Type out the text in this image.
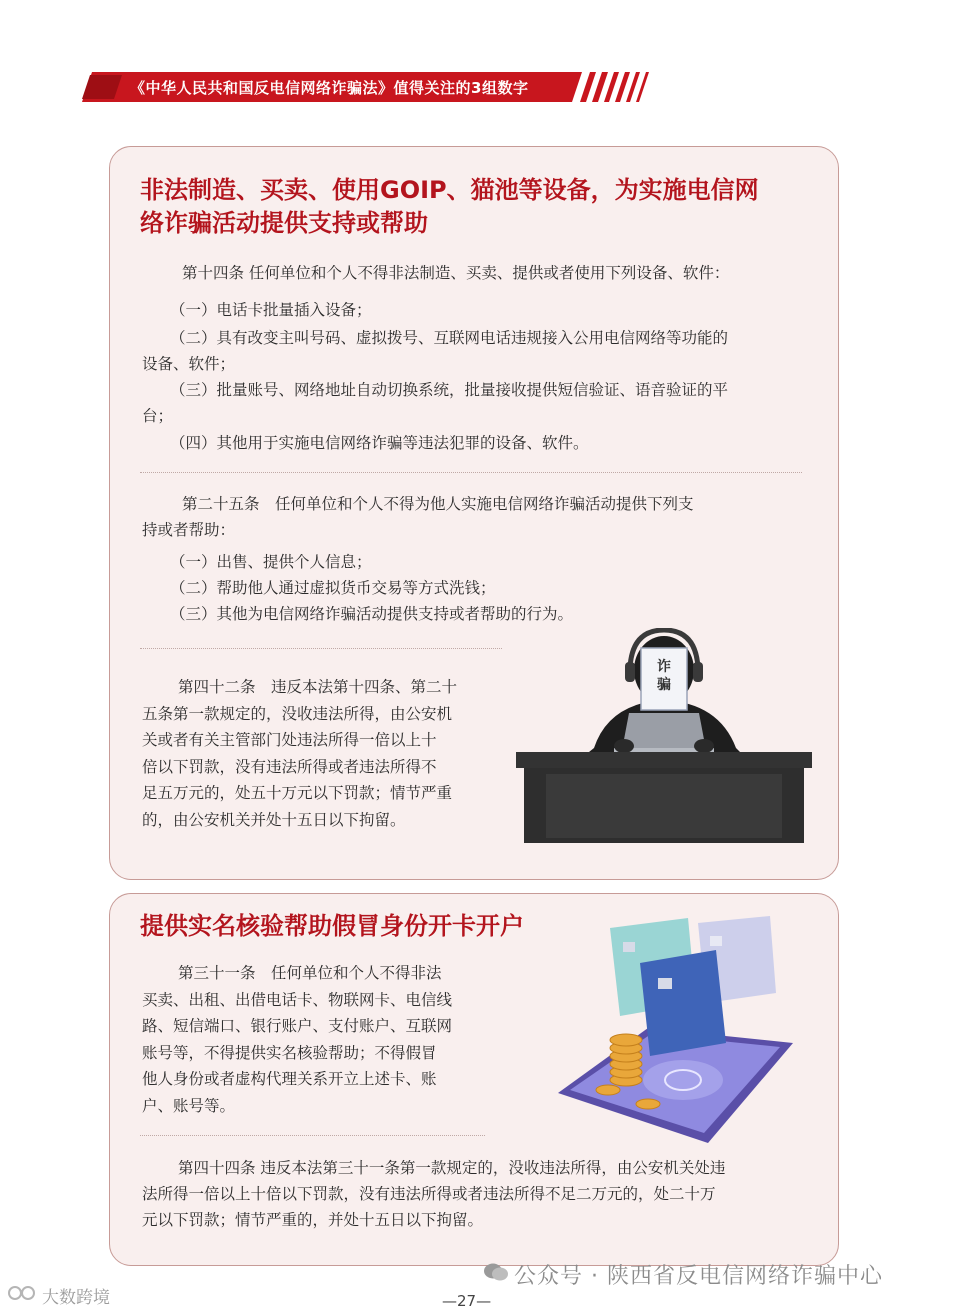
《中华人民共和国反电信网络诈骗法》值得关注的3组数字
非法制造、买卖、使用GOIP、猫池等设备，为实施电信网
络诈骗活动提供支持或帮助
第十四条 任何单位和个人不得非法制造、买卖、提供或者使用下列设备、软件：
（一）电话卡批量插入设备；
（二）具有改变主叫号码、虚拟拨号、互联网电话违规接入公用电信网络等功能的
设备、软件；
（三）批量账号、网络地址自动切换系统，批量接收提供短信验证、语音验证的平
台；
（四）其他用于实施电信网络诈骗等违法犯罪的设备、软件。
第二十五条　任何单位和个人不得为他人实施电信网络诈骗活动提供下列支
持或者帮助：
（一）出售、提供个人信息；
（二）帮助他人通过虚拟货币交易等方式洗钱；
（三）其他为电信网络诈骗活动提供支持或者帮助的行为。
第四十二条　违反本法第十四条、第二十
五条第一款规定的，没收违法所得，由公安机
关或者有关主管部门处违法所得一倍以上十
倍以下罚款，没有违法所得或者违法所得不
足五万元的，处五十万元以下罚款；情节严重
的，由公安机关并处十五日以下拘留。
诈
骗
提供实名核验帮助假冒身份开卡开户
第三十一条　任何单位和个人不得非法
买卖、出租、出借电话卡、物联网卡、电信线
路、短信端口、银行账户、支付账户、互联网
账号等，不得提供实名核验帮助；不得假冒
他人身份或者虚构代理关系开立上述卡、账
户、账号等。
第四十四条 违反本法第三十一条第一款规定的，没收违法所得，由公安机关处违
法所得一倍以上十倍以下罚款，没有违法所得或者违法所得不足二万元的，处二十万
元以下罚款；情节严重的，并处十五日以下拘留。
公众号 · 陕西省反电信网络诈骗中心
大数跨境	—27—
